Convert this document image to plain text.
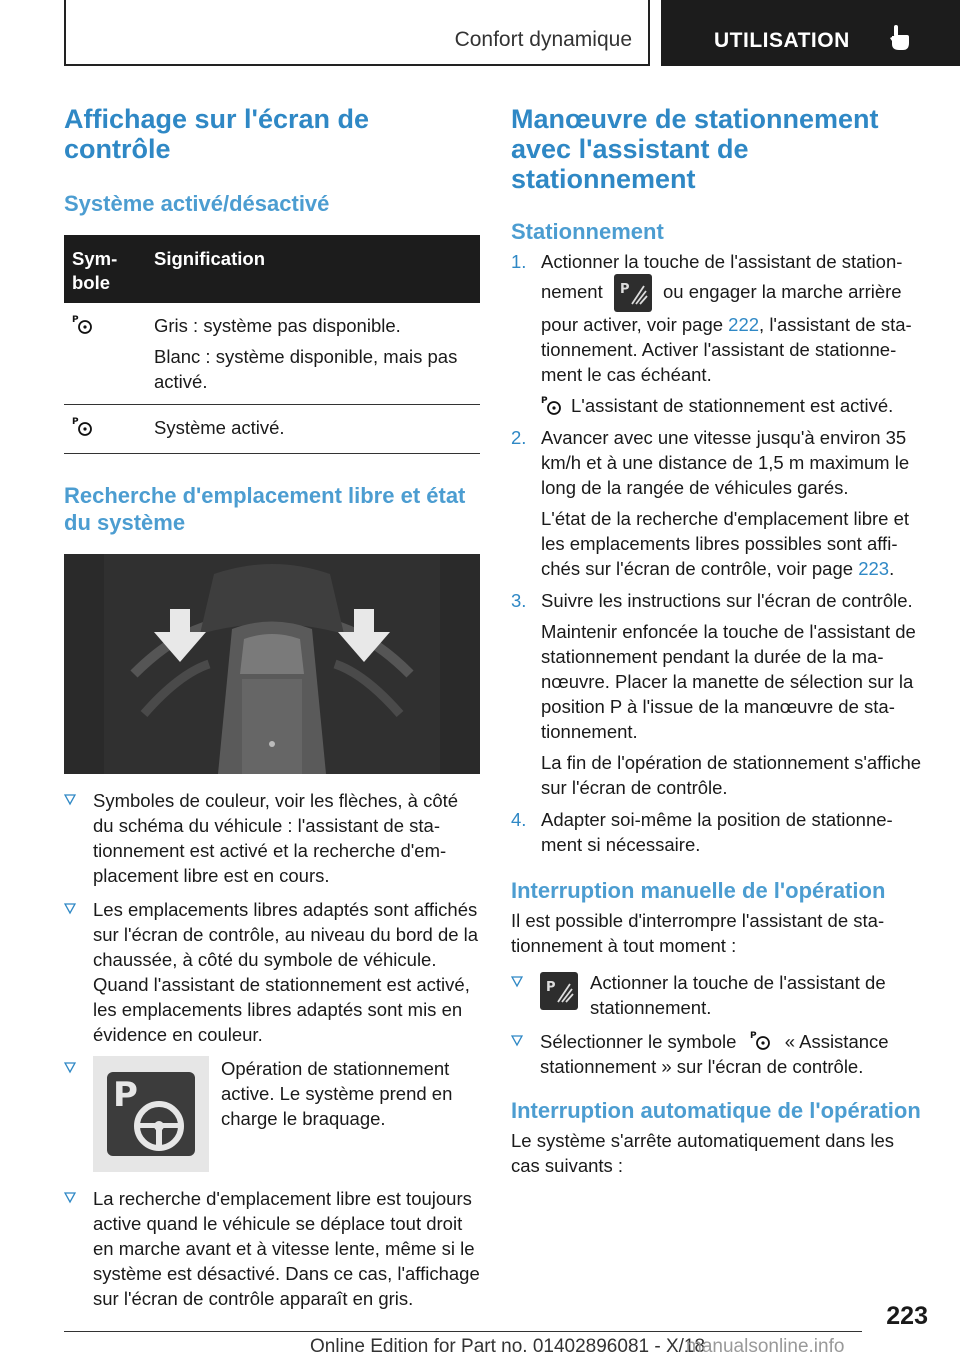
Confort dynamique	UTILISATION
Affichage sur l'écran de contrôle
Système activé/désactivé
Sym-
bole	Signification

P	Gris : système pas disponible.

Blanc : système disponible, mais pas activé.

P	Système activé.

Recherche d'emplacement libre et état du système
Symboles de couleur, voir les flèches, à côté du schéma du véhicule : l'assistant de stationnement est activé et la recherche d'emplacement libre est en cours.
Les emplacements libres adaptés sont affichés sur l'écran de contrôle, au niveau du bord de la chaussée, à côté du symbole de véhicule. Quand l'assistant de stationnement est activé, les emplacements libres adaptés sont mis en évidence en couleur.
P
Opération de stationnement active. Le système prend en charge le braquage.
La recherche d'emplacement libre est toujours active quand le véhicule se déplace tout droit en marche avant et à vitesse lente, même si le système est désactivé. Dans ce cas, l'affichage sur l'écran de contrôle apparaît en gris.
Manœuvre de stationnement avec l'assistant de stationnement
Stationnement
1. Actionner la touche de l'assistant de stationnement P ou engager la marche arrière pour activer, voir page 222, l'assistant de stationnement. Activer l'assistant de stationnement le cas échéant.

P L'assistant de stationnement est activé.

2. Avancer avec une vitesse jusqu'à environ 35 km/h et à une distance de 1,5 m maximum le long de la rangée de véhicules garés.

L'état de la recherche d'emplacement libre et les emplacements libres possibles sont affichés sur l'écran de contrôle, voir page 223.

3. Suivre les instructions sur l'écran de contrôle.

Maintenir enfoncée la touche de l'assistant de stationnement pendant la durée de la manœuvre. Placer la manette de sélection sur la position P à l'issue de la manœuvre de stationnement.

La fin de l'opération de stationnement s'affiche sur l'écran de contrôle.

4. Adapter soi-même la position de stationnement si nécessaire.

Interruption manuelle de l'opération

Il est possible d'interrompre l'assistant de stationnement à tout moment :

P Actionner la touche de l'assistant de stationnement.
Sélectionner le symbole P « Assistance stationnement » sur l'écran de contrôle.
Interruption automatique de l'opération

Le système s'arrête automatiquement dans les cas suivants :

223
Online Edition for Part no. 01402896081 - X/18
manualsonline.info
